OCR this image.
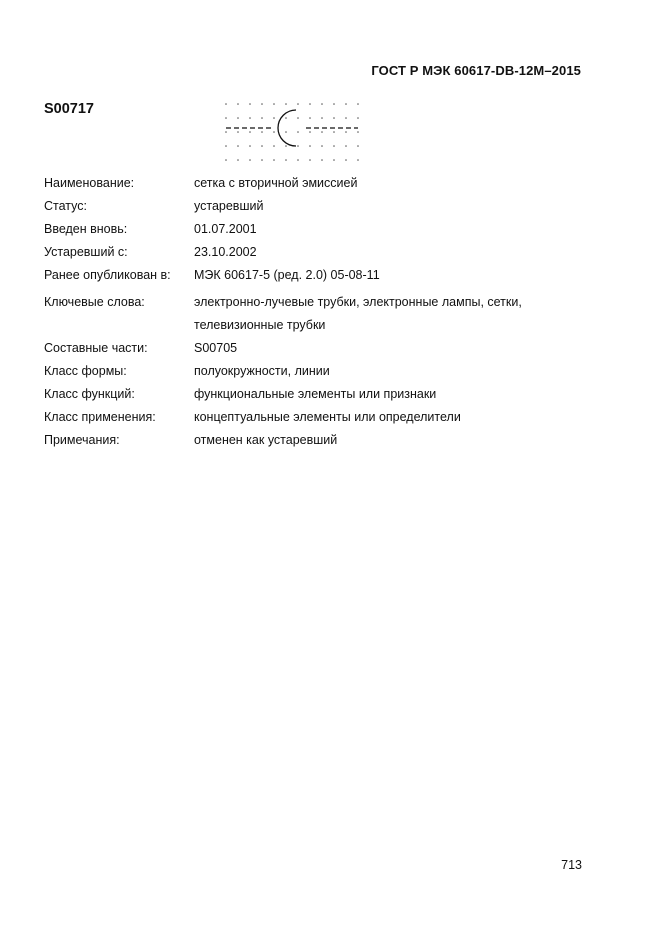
ГОСТ Р МЭК 60617-DB-12M–2015
S00717
Наименование:	сетка с вторичной эмиссией
Статус:	устаревший
Введен вновь:	01.07.2001
Устаревший с:	23.10.2002
Ранее опубликован в:	МЭК 60617-5 (ред. 2.0) 05-08-11
Ключевые слова:	электронно-лучевые трубки, электронные лампы, сетки,
телевизионные трубки
Составные части:	S00705
Класс формы:	полуокружности, линии
Класс функций:	функциональные элементы или признаки
Класс применения:	концептуальные элементы или определители
Примечания:	отменен как устаревший
713
